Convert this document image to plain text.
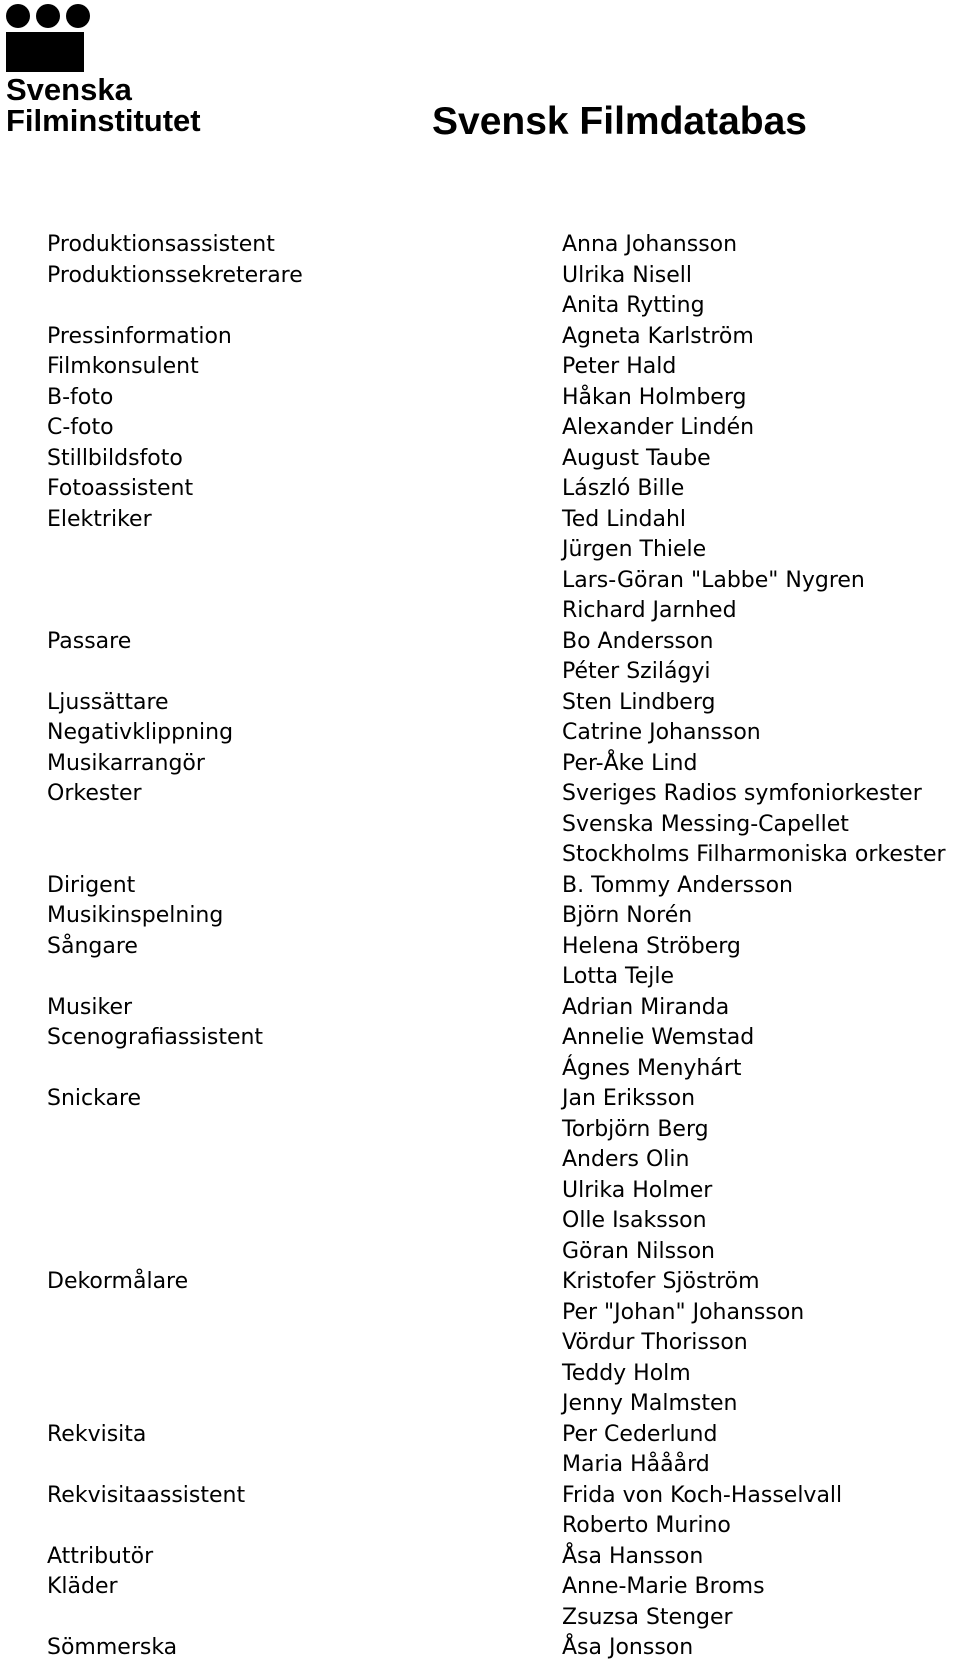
Svenska
Filminstitutet	Svensk Filmdatabas
Produktionsassistent
Produktionssekreterare
Pressinformation
Filmkonsulent
B-foto
C-foto
Stillbildsfoto
Fotoassistent
Elektriker
Passare
Ljussättare
Negativklippning
Musikarrangör
Orkester
Dirigent
Musikinspelning
Sångare
Musiker
Scenografiassistent
Snickare
Dekormålare
Rekvisita
Rekvisitaassistent
Attributör
Kläder
Sömmerska
Anna Johansson
Ulrika Nisell
Anita Rytting
Agneta Karlström
Peter Hald
Håkan Holmberg
Alexander Lindén
August Taube
László Bille
Ted Lindahl
Jürgen Thiele
Lars-Göran "Labbe" Nygren
Richard Jarnhed
Bo Andersson
Péter Szilágyi
Sten Lindberg
Catrine Johansson
Per-Åke Lind
Sveriges Radios symfoniorkester
Svenska Messing-Capellet
Stockholms Filharmoniska orkester
B. Tommy Andersson
Björn Norén
Helena Ströberg
Lotta Tejle
Adrian Miranda
Annelie Wemstad
Ágnes Menyhárt
Jan Eriksson
Torbjörn Berg
Anders Olin
Ulrika Holmer
Olle Isaksson
Göran Nilsson
Kristofer Sjöström
Per "Johan" Johansson
Vördur Thorisson
Teddy Holm
Jenny Malmsten
Per Cederlund
Maria Hååård
Frida von Koch-Hasselvall
Roberto Murino
Åsa Hansson
Anne-Marie Broms
Zsuzsa Stenger
Åsa Jonsson
